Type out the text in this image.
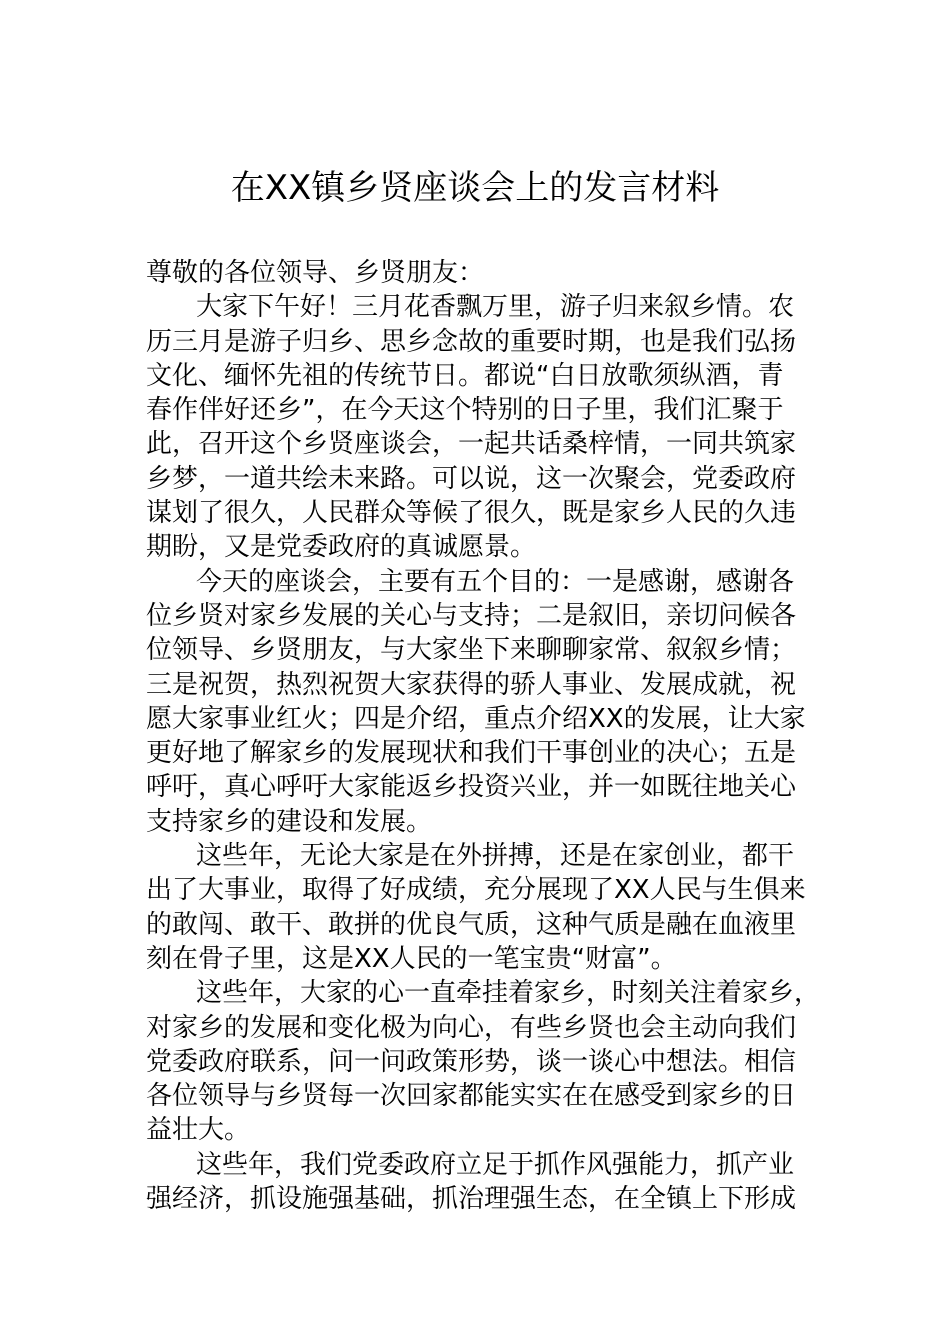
在XX镇乡贤座谈会上的发言材料

尊敬的各位领导、乡贤朋友：

大家下午好！三月花香飘万里，游子归来叙乡情。农
历三月是游子归乡、思乡念故的重要时期，也是我们弘扬
文化、缅怀先祖的传统节日。都说“白日放歌须纵酒，青
春作伴好还乡”，在今天这个特别的日子里，我们汇聚于
此，召开这个乡贤座谈会，一起共话桑梓情，一同共筑家
乡梦，一道共绘未来路。可以说，这一次聚会，党委政府
谋划了很久，人民群众等候了很久，既是家乡人民的久违
期盼，又是党委政府的真诚愿景。

今天的座谈会，主要有五个目的：一是感谢，感谢各
位乡贤对家乡发展的关心与支持；二是叙旧，亲切问候各
位领导、乡贤朋友，与大家坐下来聊聊家常、叙叙乡情；
三是祝贺，热烈祝贺大家获得的骄人事业、发展成就，祝
愿大家事业红火；四是介绍，重点介绍XX的发展，让大家
更好地了解家乡的发展现状和我们干事创业的决心；五是
呼吁，真心呼吁大家能返乡投资兴业，并一如既往地关心
支持家乡的建设和发展。

这些年，无论大家是在外拼搏，还是在家创业，都干
出了大事业，取得了好成绩，充分展现了XX人民与生俱来
的敢闯、敢干、敢拼的优良气质，这种气质是融在血液里
刻在骨子里，这是XX人民的一笔宝贵“财富”。

这些年，大家的心一直牵挂着家乡，时刻关注着家乡，
对家乡的发展和变化极为向心，有些乡贤也会主动向我们
党委政府联系，问一问政策形势，谈一谈心中想法。相信
各位领导与乡贤每一次回家都能实实在在感受到家乡的日
益壮大。

这些年，我们党委政府立足于抓作风强能力，抓产业
强经济，抓设施强基础，抓治理强生态，在全镇上下形成
